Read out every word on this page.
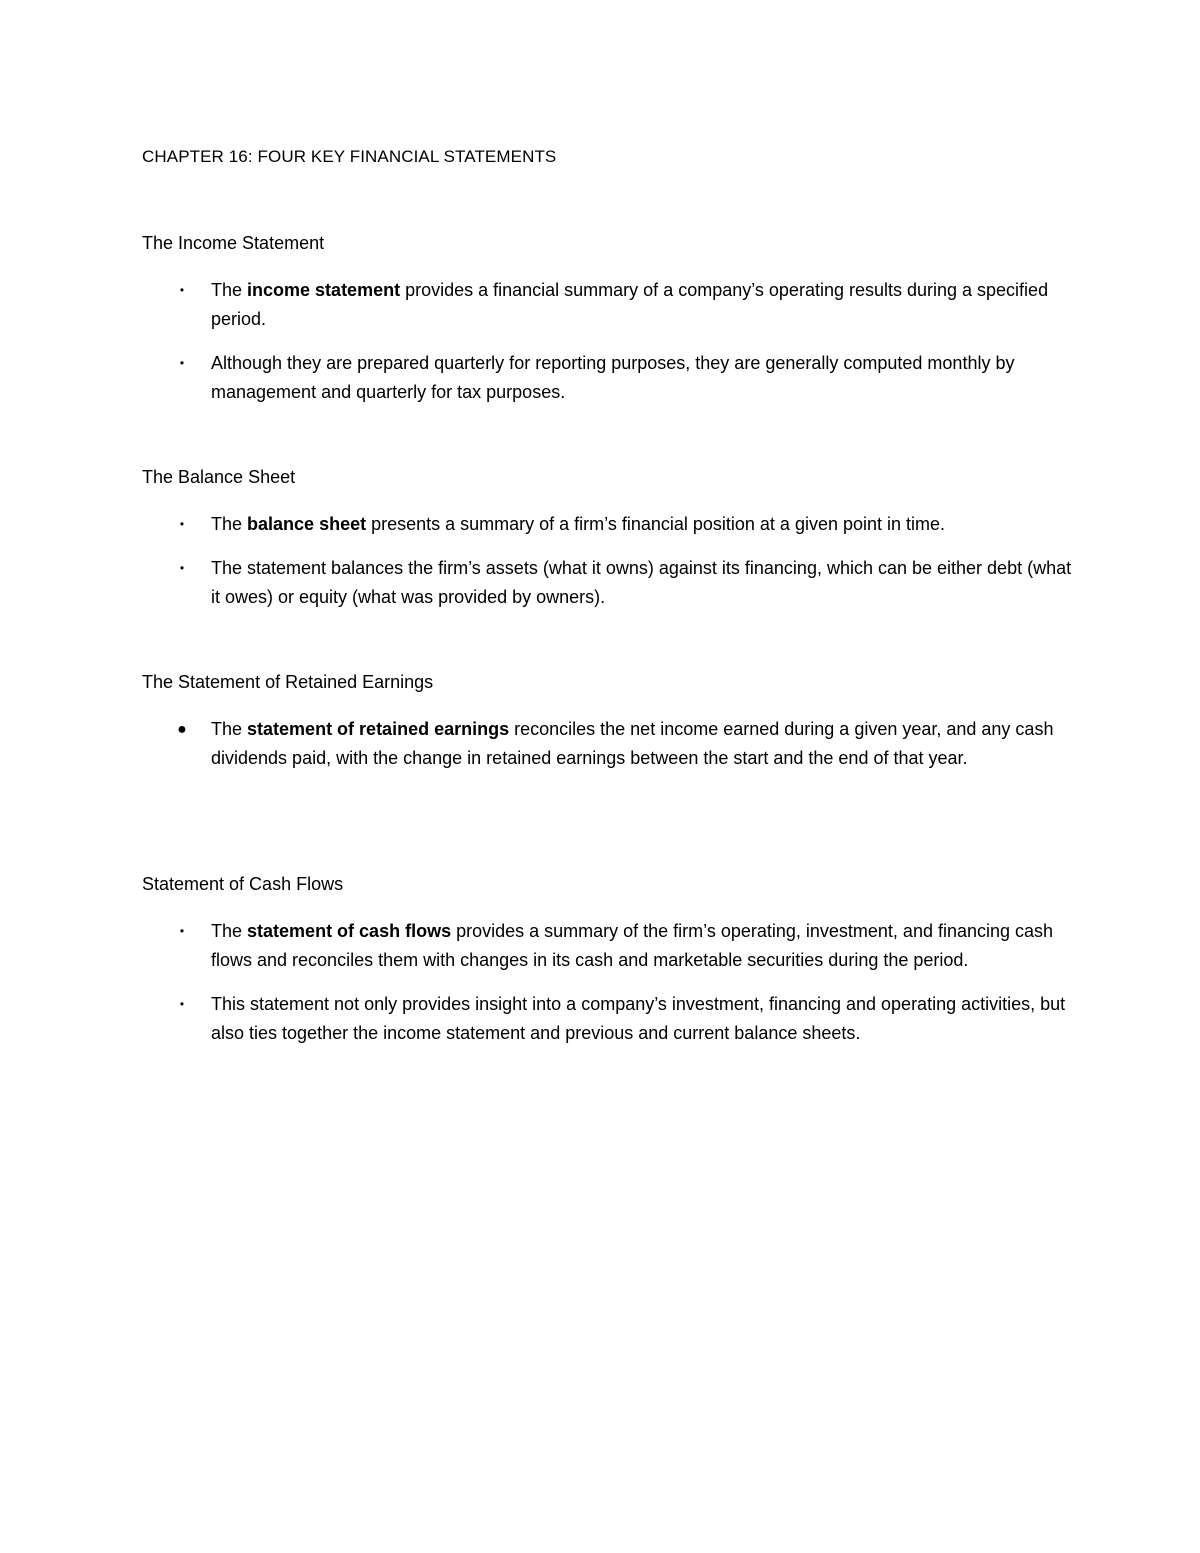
CHAPTER 16: FOUR KEY FINANCIAL STATEMENTS
The Income Statement
• The income statement provides a financial summary of a company’s operating results during a specified period.
• Although they are prepared quarterly for reporting purposes, they are generally computed monthly by management and quarterly for tax purposes.
The Balance Sheet
• The balance sheet presents a summary of a firm’s financial position at a given point in time.
• The statement balances the firm’s assets (what it owns) against its financing, which can be either debt (what it owes) or equity (what was provided by owners).
The Statement of Retained Earnings
● The statement of retained earnings reconciles the net income earned during a given year, and any cash dividends paid, with the change in retained earnings between the start and the end of that year.
Statement of Cash Flows
• The statement of cash flows provides a summary of the firm’s operating, investment, and financing cash flows and reconciles them with changes in its cash and marketable securities during the period.
• This statement not only provides insight into a company’s investment, financing and operating activities, but also ties together the income statement and previous and current balance sheets.
